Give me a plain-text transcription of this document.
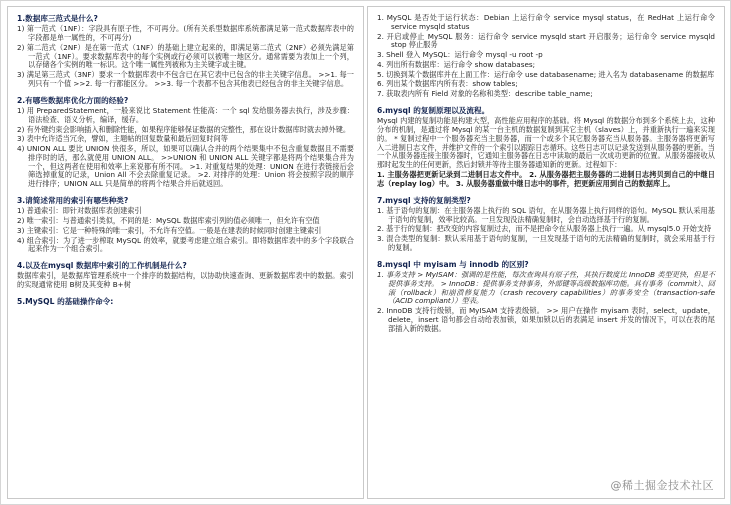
1.数据库三范式是什么?
1) 第一范式（1NF）：字段具有原子性，不可再分。(所有关系型数据库系统都满足第一范式数据库表中的字段都是单一属性的，不可再分)
2) 第二范式（2NF）是在第一范式（1NF）的基础上建立起来的，即满足第二范式（2NF）必须先满足第一范式（1NF）。要求数据库表中的每个实例或行必须可以被唯一地区分。通常需要为表加上一个列，以存储各个实例的唯一标识。这个唯一属性列被称为主关键字或主键。
3) 满足第三范式（3NF）要求一个数据库表中不包含已在其它表中已包含的非主关键字信息。 >>1. 每一列只有一个值 >>2. 每一行都能区分。 >>3. 每一个表都不包含其他表已经包含的非主关键字信息。
2.有哪些数据库优化方面的经验?
1) 用 PreparedStatement，一般来说比 Statement 性能高：一个 sql 发给服务器去执行，涉及步骤：语法检查、语义分析，编译，缓存。
2) 有外键约束会影响插入和删除性能，如果程序能够保证数据的完整性，那在设计数据库时就去掉外键。
3) 表中允许适当冗余，譬如，主题帖的回复数量和最后回复时间等
4) UNION ALL 要比 UNION 快很多，所以，如果可以确认合并的两个结果集中不包含重复数据且不需要排序时的话，那么就使用 UNION ALL。 >>UNION 和 UNION ALL 关键字都是将两个结果集合并为一个，但这两者在使用和效率上来说都有所不同。 >1. 对重复结果的处理：UNION 在进行表链接后会筛选掉重复的记录，Union All 不会去除重复记录。 >2. 对排序的处理：Union 将会按照字段的顺序进行排序；UNION ALL 只是简单的将两个结果合并后就返回。
3.请简述常用的索引有哪些种类?
1) 普通索引：即针对数据库表创建索引
2) 唯一索引：与普通索引类似，不同的是：MySQL 数据库索引列的值必须唯一，但允许有空值
3) 主键索引：它是一种特殊的唯一索引，不允许有空值。一般是在建表的时候同时创建主键索引
4) 组合索引：为了进一步榨取 MySQL 的效率，就要考虑建立组合索引。即将数据库表中的多个字段联合起来作为一个组合索引。
4.以及在mysql 数据库中索引的工作机制是什么?
数据库索引，是数据库管理系统中一个排序的数据结构，以协助快速查询、更新数据库表中的数据。索引的实现通常使用 B树及其变种 B+树
5.MySQL 的基础操作命令:
1. MySQL 是否处于运行状态：Debian 上运行命令 service mysql status，在 RedHat 上运行命令 service mysqld status
2. 开启或停止 MySQL 服务：运行命令 service mysqld start 开启服务；运行命令 service mysqld stop 停止服务
3. Shell 登入 MySQL：运行命令 mysql -u root -p
4. 列出所有数据库：运行命令 show databases;
5. 切换到某个数据库并在上面工作：运行命令 use databasename; 进入名为 databasename 的数据库
6. 列出某个数据库内所有表：show tables;
7. 获取表内所有 Field 对象的名称和类型：describe table_name;
6.mysql 的复制原理以及流程。
Mysql 内建的复制功能是构建大型，高性能应用程序的基础。将 Mysql 的数据分布到多个系统上去，这种分布的机制，是通过将 Mysql 的某一台主机的数据复制到其它主机（slaves）上，并重新执行一遍来实现的。 * 复制过程中一个服务器充当主服务器，而一个或多个其它服务器充当从服务器。主服务器将更新写入二进制日志文件，并维护文件的一个索引以跟踪日志循环。这些日志可以记录发送到从服务器的更新。当一个从服务器连接主服务器时，它通知主服务器在日志中读取的最后一次成功更新的位置。从服务器接收从那时起发生的任何更新，然后封锁并等待主服务器通知新的更新。过程如下：
1. 主服务器把更新记录到二进制日志文件中。 2. 从服务器把主服务器的二进制日志拷贝到自己的中继日志（replay log）中。 3. 从服务器重做中继日志中的事件，把更新应用到自己的数据库上。
7.mysql 支持的复制类型?
1. 基于语句的复制：在主服务器上执行的 SQL 语句，在从服务器上执行同样的语句。MySQL 默认采用基于语句的复制，效率比较高。一旦发现没法精确复制时，会自动选择基于行的复制。
2. 基于行的复制：把改变的内容复制过去，而不是把命令在从服务器上执行一遍。从 mysql5.0 开始支持
3. 混合类型的复制：默认采用基于语句的复制，一旦发现基于语句的无法精确的复制时，就会采用基于行的复制。
8.mysql 中 myisam 与 innodb 的区别?
1. 事务支持 > MyISAM：强调的是性能，每次查询具有原子性，其执行数度比 InnoDB 类型更快，但是不提供事务支持。 > InnoDB：提供事务支持事务，外部键等高级数据库功能。具有事务（commit）、回滚（rollback）和崩溃修复能力（crash recovery capabilities）的事务安全（transaction-safe（ACID compliant））型表。
2. InnoDB 支持行级锁，而 MyISAM 支持表级锁。 >> 用户在操作 myisam 表时，select，update，delete，insert 语句都会自动给表加锁，如果加锁以后的表满足 insert 并发的情况下，可以在表的尾部插入新的数据。
@稀土掘金技术社区
